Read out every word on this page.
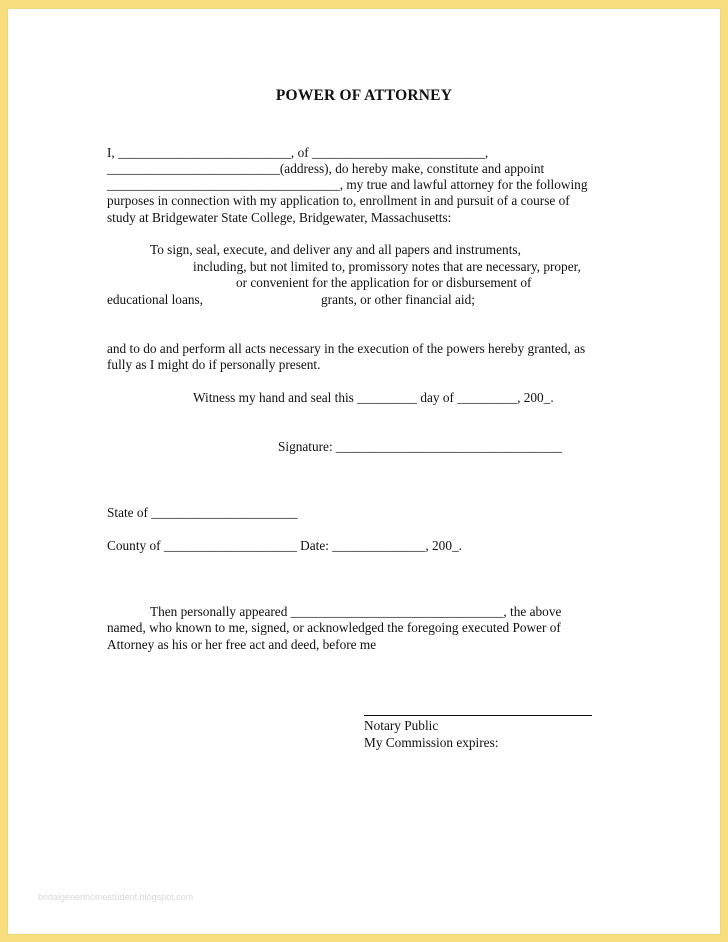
POWER OF ATTORNEY
I, __________________________, of __________________________,
__________________________(address), do hereby make, constitute and appoint
___________________________________, my true and lawful attorney for the following
purposes in connection with my application to, enrollment in and pursuit of a course of
study at Bridgewater State College, Bridgewater, Massachusetts:
To sign, seal, execute, and deliver any and all papers and instruments,
including, but not limited to, promissory notes that are necessary, proper,
or convenient for the application for or disbursement of
educational loans,	grants, or other financial aid;
and to do and perform all acts necessary in the execution of the powers hereby granted, as
fully as I might do if personally present.
Witness my hand and seal this _________ day of _________, 200_.
Signature: __________________________________
State of ______________________
County of ____________________ Date: ______________, 200_.
Then personally appeared ________________________________, the above
named, who known to me, signed, or acknowledged the foregoing executed Power of
Attorney as his or her free act and deed, before me
Notary Public
My Commission expires:
bridalgenenhomestudent.blogspot.com
